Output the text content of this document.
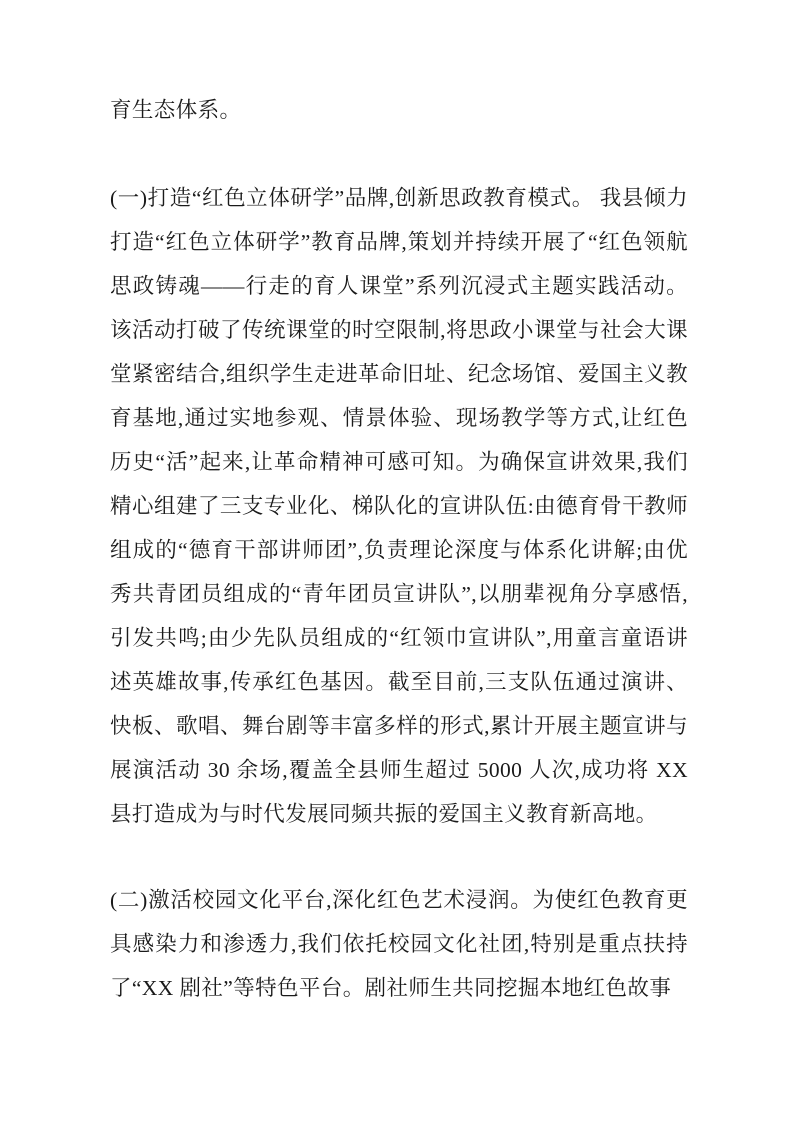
育生态体系。

(一)打造“红色立体研学”品牌,创新思政教育模式。 我县倾力打造“红色立体研学”教育品牌,策划并持续开展了“红色领航思政铸魂——行走的育人课堂”系列沉浸式主题实践活动。该活动打破了传统课堂的时空限制,将思政小课堂与社会大课堂紧密结合,组织学生走进革命旧址、纪念场馆、爱国主义教育基地,通过实地参观、情景体验、现场教学等方式,让红色历史“活”起来,让革命精神可感可知。为确保宣讲效果,我们精心组建了三支专业化、梯队化的宣讲队伍:由德育骨干教师组成的“德育干部讲师团”,负责理论深度与体系化讲解;由优秀共青团员组成的“青年团员宣讲队”,以朋辈视角分享感悟,引发共鸣;由少先队员组成的“红领巾宣讲队”,用童言童语讲述英雄故事,传承红色基因。截至目前,三支队伍通过演讲、快板、歌唱、舞台剧等丰富多样的形式,累计开展主题宣讲与展演活动 30 余场,覆盖全县师生超过 5000 人次,成功将 XX 县打造成为与时代发展同频共振的爱国主义教育新高地。

(二)激活校园文化平台,深化红色艺术浸润。为使红色教育更具感染力和渗透力,我们依托校园文化社团,特别是重点扶持了“XX 剧社”等特色平台。剧社师生共同挖掘本地红色故事
